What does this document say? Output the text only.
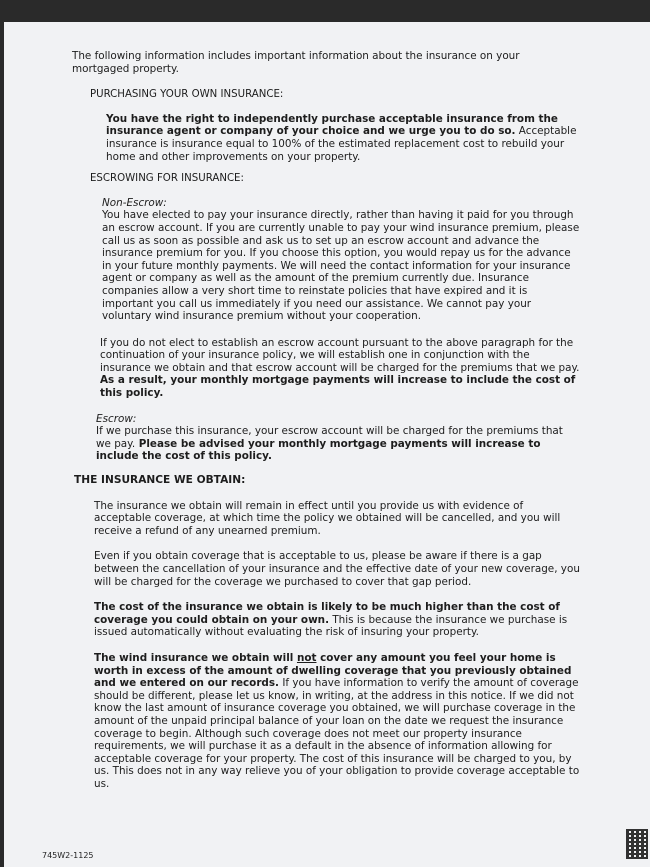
The following information includes important information about the insurance on your mortgaged property.

PURCHASING YOUR OWN INSURANCE:

You have the right to independently purchase acceptable insurance from the insurance agent or company of your choice and we urge you to do so. Acceptable insurance is insurance equal to 100% of the estimated replacement cost to rebuild your home and other improvements on your property.

ESCROWING FOR INSURANCE:

Non-Escrow:

You have elected to pay your insurance directly, rather than having it paid for you through an escrow account. If you are currently unable to pay your wind insurance premium, please call us as soon as possible and ask us to set up an escrow account and advance the insurance premium for you. If you choose this option, you would repay us for the advance in your future monthly payments. We will need the contact information for your insurance agent or company as well as the amount of the premium currently due. Insurance companies allow a very short time to reinstate policies that have expired and it is important you call us immediately if you need our assistance. We cannot pay your voluntary wind insurance premium without your cooperation.

If you do not elect to establish an escrow account pursuant to the above paragraph for the continuation of your insurance policy, we will establish one in conjunction with the insurance we obtain and that escrow account will be charged for the premiums that we pay. As a result, your monthly mortgage payments will increase to include the cost of this policy.

Escrow:

If we purchase this insurance, your escrow account will be charged for the premiums that we pay. Please be advised your monthly mortgage payments will increase to include the cost of this policy.

THE INSURANCE WE OBTAIN:

The insurance we obtain will remain in effect until you provide us with evidence of acceptable coverage, at which time the policy we obtained will be cancelled, and you will receive a refund of any unearned premium.

Even if you obtain coverage that is acceptable to us, please be aware if there is a gap between the cancellation of your insurance and the effective date of your new coverage, you will be charged for the coverage we purchased to cover that gap period.

The cost of the insurance we obtain is likely to be much higher than the cost of coverage you could obtain on your own. This is because the insurance we purchase is issued automatically without evaluating the risk of insuring your property.

The wind insurance we obtain will not cover any amount you feel your home is worth in excess of the amount of dwelling coverage that you previously obtained and we entered on our records. If you have information to verify the amount of coverage should be different, please let us know, in writing, at the address in this notice. If we did not know the last amount of insurance coverage you obtained, we will purchase coverage in the amount of the unpaid principal balance of your loan on the date we request the insurance coverage to begin. Although such coverage does not meet our property insurance requirements, we will purchase it as a default in the absence of information allowing for acceptable coverage for your property. The cost of this insurance will be charged to you, by us. This does not in any way relieve you of your obligation to provide coverage acceptable to us.

745W2-1125
